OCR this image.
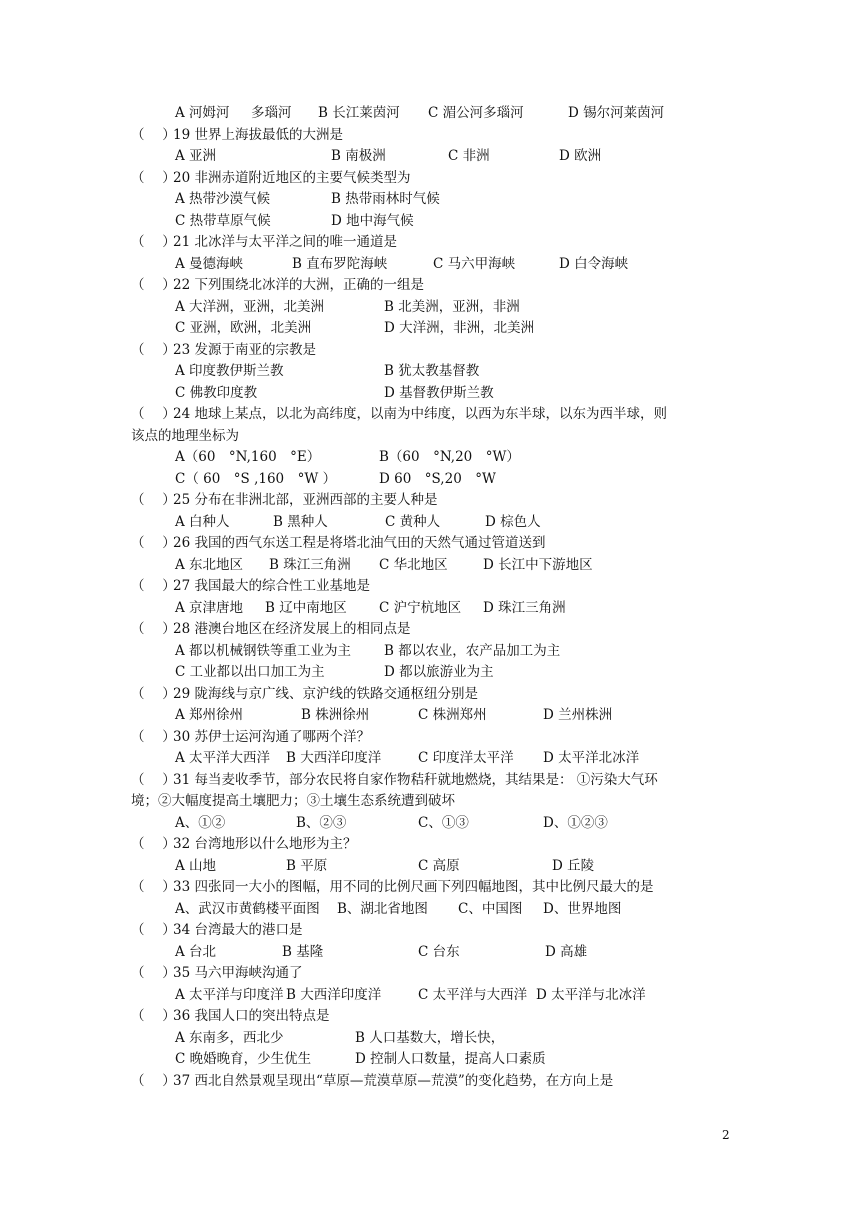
A 河姆河 多瑙河 B 长江莱茵河 C 湄公河多瑙河	D 锡尔河莱茵河
（　 ）
19 世界上海拔最低的大洲是
A 亚洲	B 南极洲	C 非洲	D 欧洲
（　 ）
20 非洲赤道附近地区的主要气候类型为
A 热带沙漠气候	B 热带雨林时气候
C 热带草原气候	D 地中海气候
（　 ）
21 北冰洋与太平洋之间的唯一通道是
A 曼德海峡	B 直布罗陀海峡	C 马六甲海峡	D 白令海峡
（　 ）
22 下列围绕北冰洋的大洲，正确的一组是
A 大洋洲，亚洲，北美洲	B 北美洲，亚洲，非洲
C 亚洲，欧洲，北美洲	D 大洋洲，非洲，北美洲
（　 ）
23 发源于南亚的宗教是
A 印度教伊斯兰教	B 犹太教基督教
C 佛教印度教	D 基督教伊斯兰教
（　 ）
24 地球上某点，以北为高纬度，以南为中纬度，以西为东半球，以东为西半球，则
该点的地理坐标为
A（60　°N,160　°E）	B（60　°N,20　°W）
C（ 60　°S ,160　°W ）	D 60　°S,20　°W
（　 ）
25 分布在非洲北部，亚洲西部的主要人种是
A 白种人	B 黑种人	C 黄种人	D 棕色人
（　 ）
26 我国的西气东送工程是将塔北油气田的天然气通过管道送到
A 东北地区 B 珠江三角洲 C 华北地区	D 长江中下游地区
（　 ）
27 我国最大的综合性工业基地是
A 京津唐地 B 辽中南地区 C 沪宁杭地区 D 珠江三角洲
（　 ）
28 港澳台地区在经济发展上的相同点是
A 都以机械钢铁等重工业为主 B 都以农业，农产品加工为主
C 工业都以出口加工为主	D 都以旅游业为主
（　 ）
29 陇海线与京广线、京沪线的铁路交通枢纽分别是
A 郑州徐州	B 株洲徐州	C 株洲郑州	D 兰州株洲
（　 ）
30 苏伊士运河沟通了哪两个洋？
A 太平洋大西洋 B 大西洋印度洋	C 印度洋太平洋 D 太平洋北冰洋
（　 ）
31 每当麦收季节，部分农民将自家作物秸秆就地燃烧，其结果是： ①污染大气环
境；②大幅度提高土壤肥力；③土壤生态系统遭到破坏
A、①②	B、②③	C、①③	D、①②③
（　 ）
32 台湾地形以什么地形为主？
A 山地	B 平原	C 高原	D 丘陵
（　 ）
33 四张同一大小的图幅，用不同的比例尺画下列四幅地图，其中比例尺最大的是
A、武汉市黄鹤楼平面图 B、湖北省地图 C、中国图 D、世界地图
（　 ）
34 台湾最大的港口是
A 台北	B 基隆	C 台东	D 高雄
（　 ）
35 马六甲海峡沟通了
A 太平洋与印度洋 B 大西洋印度洋	C 太平洋与大西洋 D 太平洋与北冰洋
（　 ）
36 我国人口的突出特点是
A 东南多，西北少	B 人口基数大，增长快，
C 晚婚晚育，少生优生	D 控制人口数量，提高人口素质
（　 ）
37 西北自然景观呈现出“草原—荒漠草原—荒漠”的变化趋势，在方向上是
2
